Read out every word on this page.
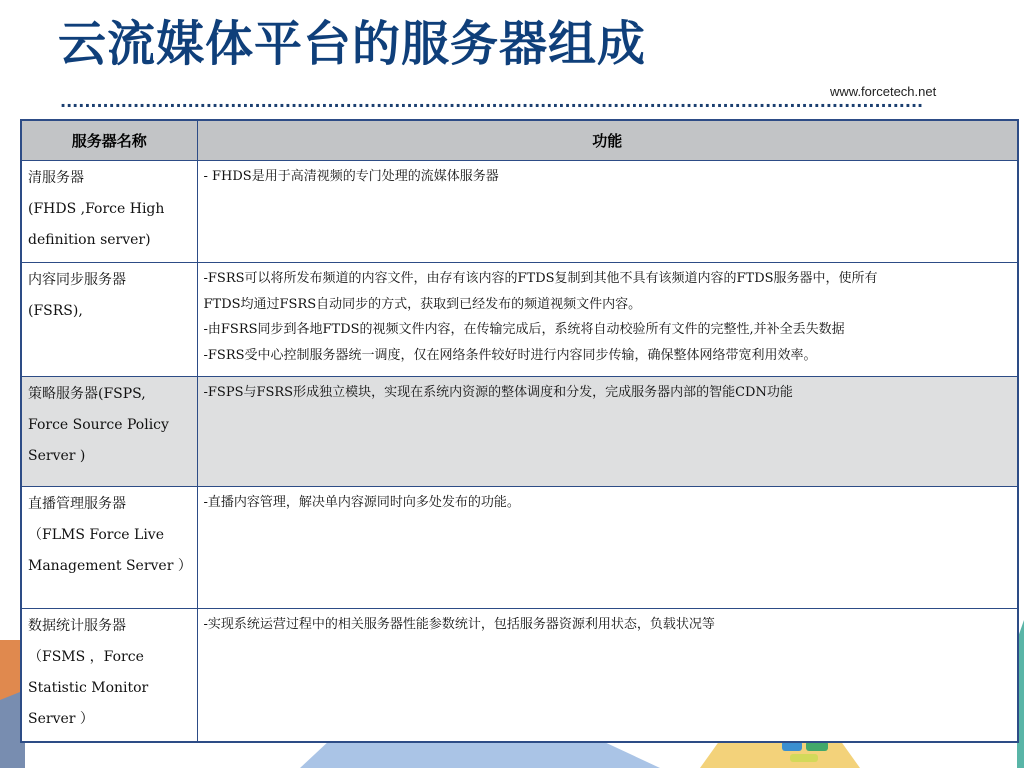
云流媒体平台的服务器组成
www.forcetech.net
··············································································································································
服务器名称	功能

清服务器
(FHDS ,Force High
definition server)	- FHDS是用于高清视频的专门处理的流媒体服务器

内容同步服务器
(FSRS),	-FSRS可以将所发布频道的内容文件，由存有该内容的FTDS复制到其他不具有该频道内容的FTDS服务器中，使所有
FTDS均通过FSRS自动同步的方式，获取到已经发布的频道视频文件内容。
-由FSRS同步到各地FTDS的视频文件内容，在传输完成后，系统将自动校验所有文件的完整性,并补全丢失数据
-FSRS受中心控制服务器统一调度，仅在网络条件较好时进行内容同步传输，确保整体网络带宽利用效率。

策略服务器(FSPS,
Force Source Policy
Server )	-FSPS与FSRS形成独立模块，实现在系统内资源的整体调度和分发，完成服务器内部的智能CDN功能

直播管理服务器
（FLMS Force Live
Management Server ）	-直播内容管理，解决单内容源同时向多处发布的功能。

数据统计服务器
（FSMS ，Force
Statistic Monitor
Server ）	-实现系统运营过程中的相关服务器性能参数统计，包括服务器资源利用状态，负载状况等
